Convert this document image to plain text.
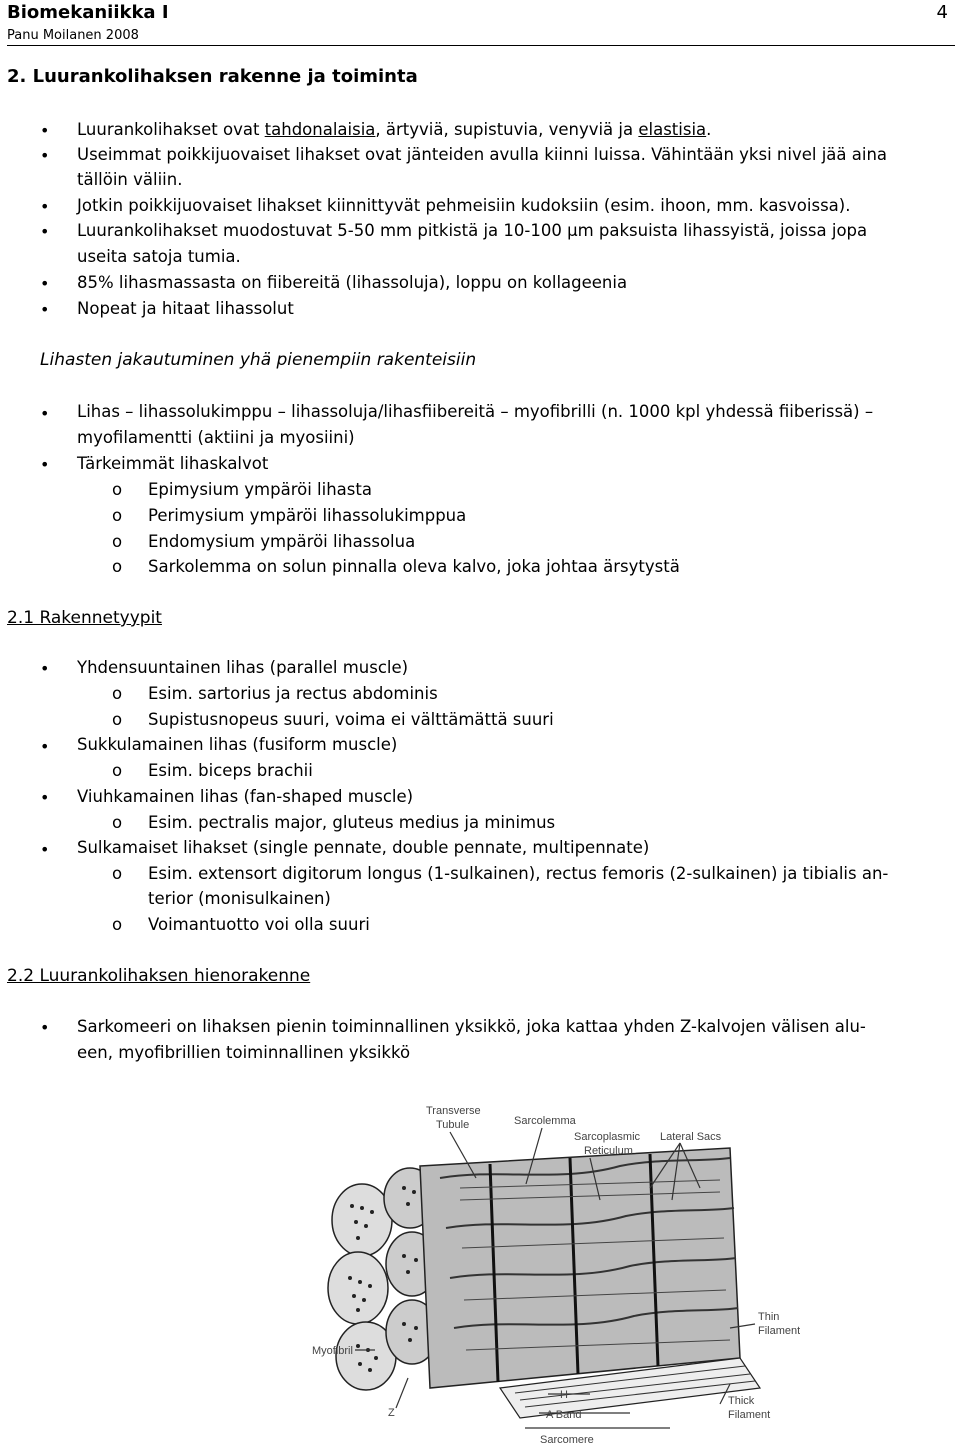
Biomekaniikka I
Panu Moilanen 2008
4
2. Luurankolihaksen rakenne ja toiminta
• Luurankolihakset ovat tahdonalaisia, ärtyviä, supistuvia, venyviä ja elastisia.
• Useimmat poikkijuovaiset lihakset ovat jänteiden avulla kiinni luissa. Vähintään yksi nivel jää aina
tällöin väliin.
• Jotkin poikkijuovaiset lihakset kiinnittyvät pehmeisiin kudoksiin (esim. ihoon, mm. kasvoissa).
• Luurankolihakset muodostuvat 5-50 mm pitkistä ja 10-100 μm paksuista lihassyistä, joissa jopa
useita satoja tumia.
• 85% lihasmassasta on fiibereitä (lihassoluja), loppu on kollageenia
• Nopeat ja hitaat lihassolut
Lihasten jakautuminen yhä pienempiin rakenteisiin
• Lihas – lihassolukimppu – lihassoluja/lihasfiibereitä – myofibrilli (n. 1000 kpl yhdessä fiiberissä) –
myofilamentti (aktiini ja myosiini)
• Tärkeimmät lihaskalvot
o Epimysium ympäröi lihasta
o Perimysium ympäröi lihassolukimppua
o Endomysium ympäröi lihassolua
o Sarkolemma on solun pinnalla oleva kalvo, joka johtaa ärsytystä
2.1 Rakennetyypit
• Yhdensuuntainen lihas (parallel muscle)
o Esim. sartorius ja rectus abdominis
o Supistusnopeus suuri, voima ei välttämättä suuri
• Sukkulamainen lihas (fusiform muscle)
o Esim. biceps brachii
• Viuhkamainen lihas (fan-shaped muscle)
o Esim. pectralis major, gluteus medius ja minimus
• Sulkamaiset lihakset (single pennate, double pennate, multipennate)
o Esim. extensort digitorum longus (1-sulkainen), rectus femoris (2-sulkainen) ja tibialis an-
terior (monisulkainen)
o Voimantuotto voi olla suuri
2.2 Luurankolihaksen hienorakenne
• Sarkomeeri on lihaksen pienin toiminnallinen yksikkö, joka kattaa yhden Z-kalvojen välisen alu-
een, myofibrillien toiminnallinen yksikkö
Transverse
Tubule	Sarcolemma
Sarcoplasmic
Reticulum
Lateral Sacs
Thin
Filament
Myofibril
Z
H
A Band
Thick
Filament
Sarcomere
